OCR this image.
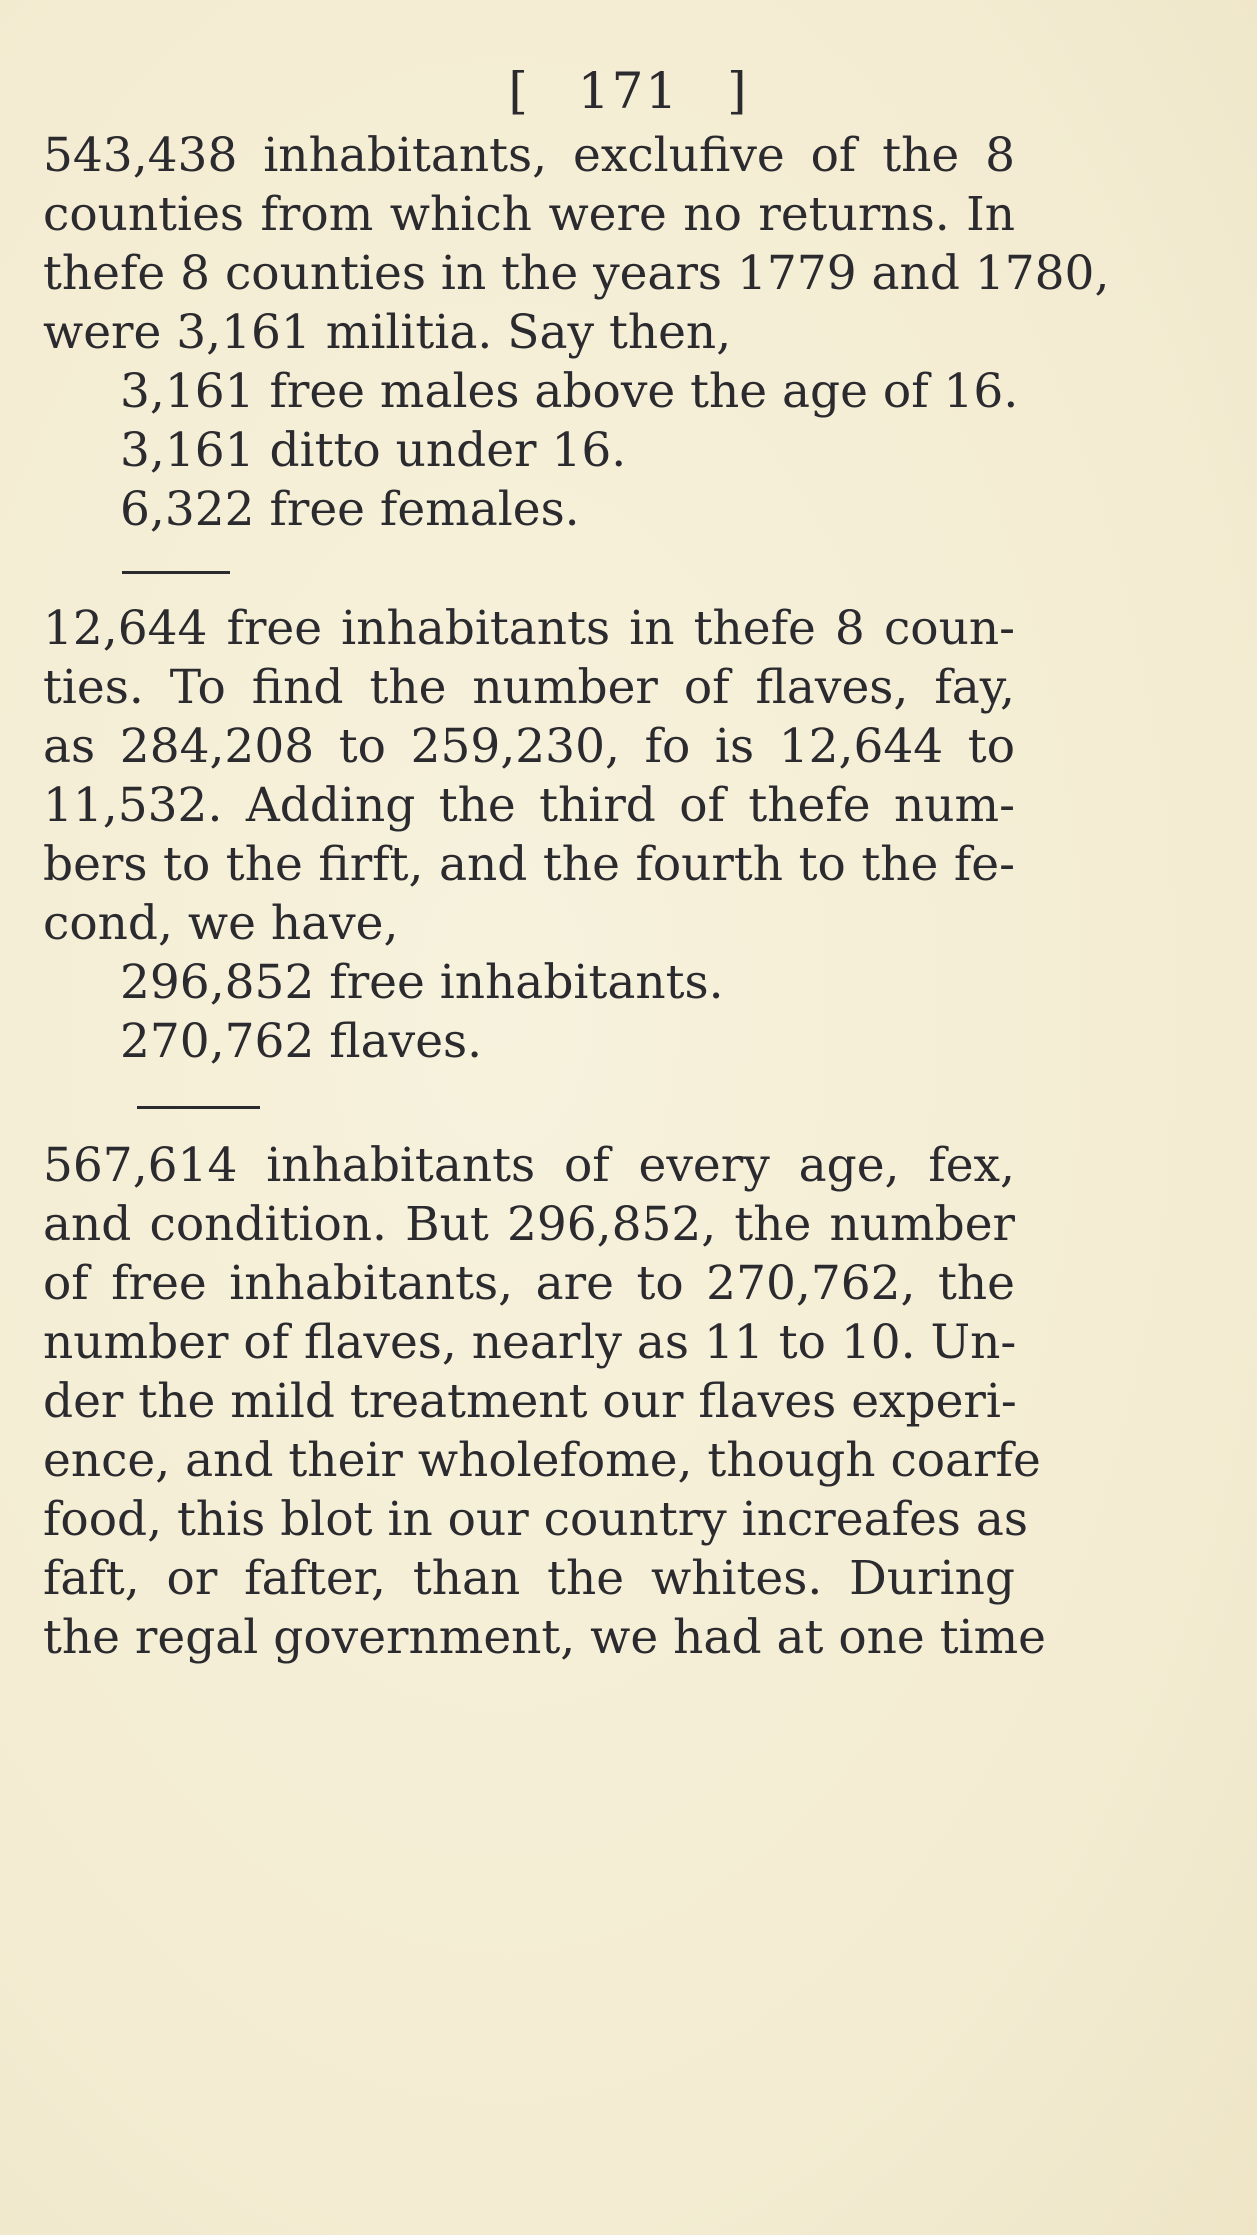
[ 171 ]
543,438 inhabitants, exclufive of the 8
counties from which were no returns. In
thefe 8 counties in the years 1779 and 1780,
were 3,161 militia. Say then,
3,161 free males above the age of 16.
3,161 ditto under 16.
6,322 free females.
12,644 free inhabitants in thefe 8 coun-
ties. To find the number of flaves, fay,
as 284,208 to 259,230, fo is 12,644 to
11,532. Adding the third of thefe num-
bers to the firft, and the fourth to the fe-
cond, we have,
296,852 free inhabitants.
270,762 flaves.
567,614 inhabitants of every age, fex,
and condition. But 296,852, the number
of free inhabitants, are to 270,762, the
number of flaves, nearly as 11 to 10. Un-
der the mild treatment our flaves experi-
ence, and their wholefome, though coarfe
food, this blot in our country increafes as
faft, or fafter, than the whites. During
the regal government, we had at one time
